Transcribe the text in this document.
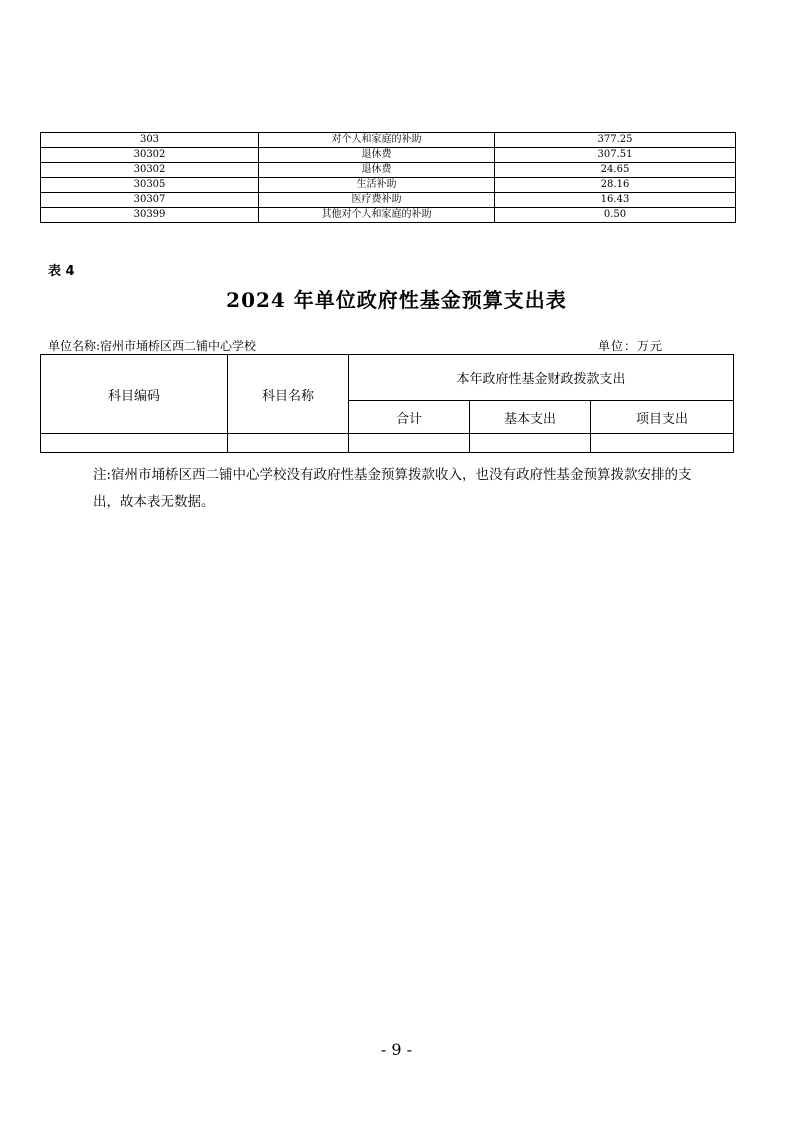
303	对个人和家庭的补助	377.25
30302	退休费	307.51
30302	退休费	24.65
30305	生活补助	28.16
30307	医疗费补助	16.43
30399	其他对个人和家庭的补助	0.50
表 4
2024 年单位政府性基金预算支出表
单位名称:宿州市埇桥区西二铺中心学校	单位：万元
科目编码	科目名称	本年政府性基金财政拨款支出		
		合计	基本支出	项目支出

注:宿州市埇桥区西二铺中心学校没有政府性基金预算拨款收入，也没有政府性基金预算拨款安排的支出，故本表无数据。
- 9 -
